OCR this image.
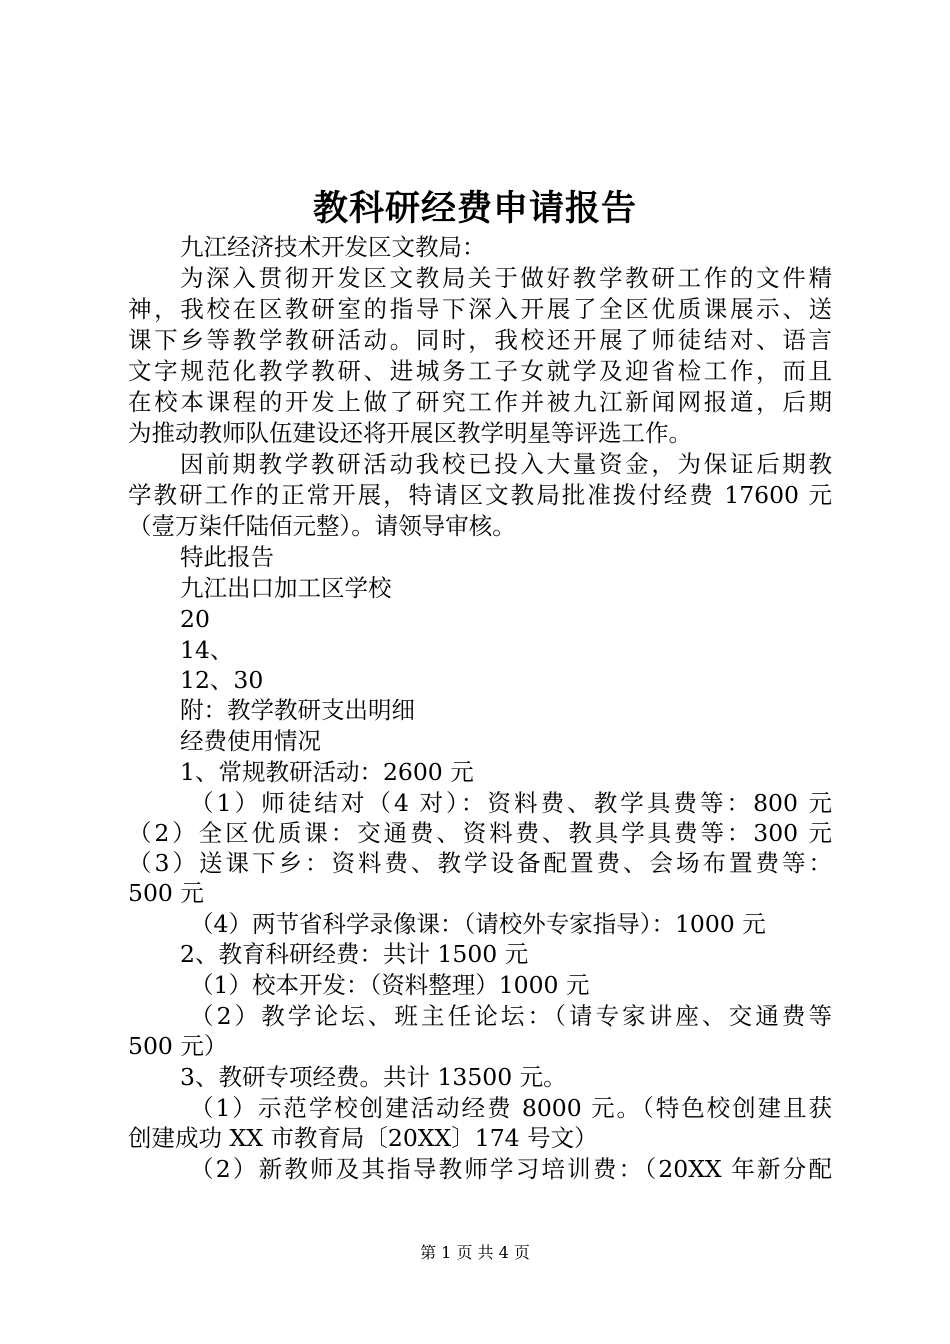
教科研经费申请报告
九江经济技术开发区文教局：
为深入贯彻开发区文教局关于做好教学教研工作的文件精
神，我校在区教研室的指导下深入开展了全区优质课展示、送
课下乡等教学教研活动。同时，我校还开展了师徒结对、语言
文字规范化教学教研、进城务工子女就学及迎省检工作，而且
在校本课程的开发上做了研究工作并被九江新闻网报道，后期
为推动教师队伍建设还将开展区教学明星等评选工作。
因前期教学教研活动我校已投入大量资金，为保证后期教
学教研工作的正常开展，特请区文教局批准拨付经费 17600 元
（壹万柒仟陆佰元整）。请领导审核。
特此报告
九江出口加工区学校
20
14、
12、30
附：教学教研支出明细
经费使用情况
1、常规教研活动：2600 元
（1）师徒结对（4 对）：资料费、教学具费等：800 元
（2）全区优质课：交通费、资料费、教具学具费等：300 元
（3）送课下乡：资料费、教学设备配置费、会场布置费等：
500 元
（4）两节省科学录像课：（请校外专家指导）：1000 元
2、教育科研经费：共计 1500 元
（1）校本开发：（资料整理）1000 元
（2）教学论坛、班主任论坛：（请专家讲座、交通费等
500 元）
3、教研专项经费。共计 13500 元。
（1）示范学校创建活动经费 8000 元。（特色校创建且获
创建成功 XX 市教育局〔20XX〕174 号文）
（2）新教师及其指导教师学习培训费：（20XX 年新分配
第 1 页 共 4 页
